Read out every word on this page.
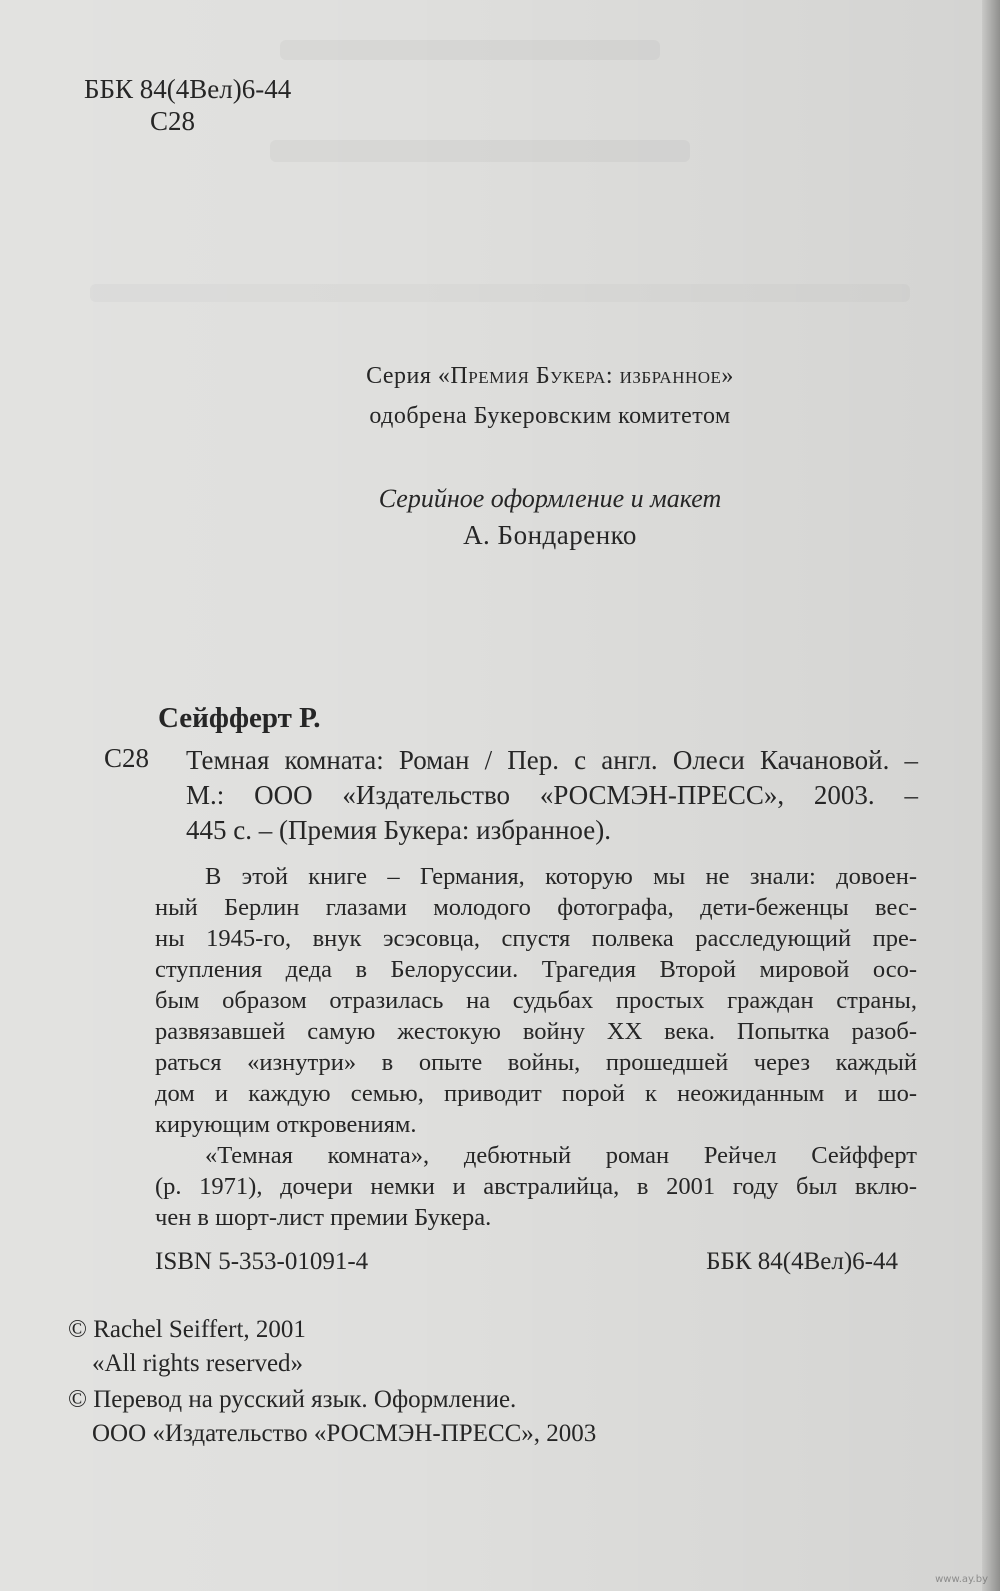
ББК 84(4Вел)6-44
С28
Серия «Премия Букера: избранное»
одобрена Букеровским комитетом
Серийное оформление и макет
А. Бондаренко
Сейфферт Р.
С28 Темная комната: Роман / Пер. с англ. Олеси Качановой. –

М.: ООО «Издательство «РОСМЭН-ПРЕСС», 2003. –

445 с. – (Премия Букера: избранное).

В этой книге – Германия, которую мы не знали: довоен-

ный Берлин глазами молодого фотографа, дети-беженцы вес-

ны 1945-го, внук эсэсовца, спустя полвека расследующий пре-

ступления деда в Белоруссии. Трагедия Второй мировой осо-

бым образом отразилась на судьбах простых граждан страны,

развязавшей самую жестокую войну XX века. Попытка разоб-

раться «изнутри» в опыте войны, прошедшей через каждый

дом и каждую семью, приводит порой к неожиданным и шо-

кирующим откровениям.

«Темная комната», дебютный роман Рейчел Сейфферт

(р. 1971), дочери немки и австралийца, в 2001 году был вклю-

чен в шорт-лист премии Букера.

ISBN 5-353-01091-4	ББК 84(4Вел)6-44
© Rachel Seiffert, 2001
«All rights reserved»
© Перевод на русский язык. Оформление.
ООО «Издательство «РОСМЭН-ПРЕСС», 2003
www.ay.by
